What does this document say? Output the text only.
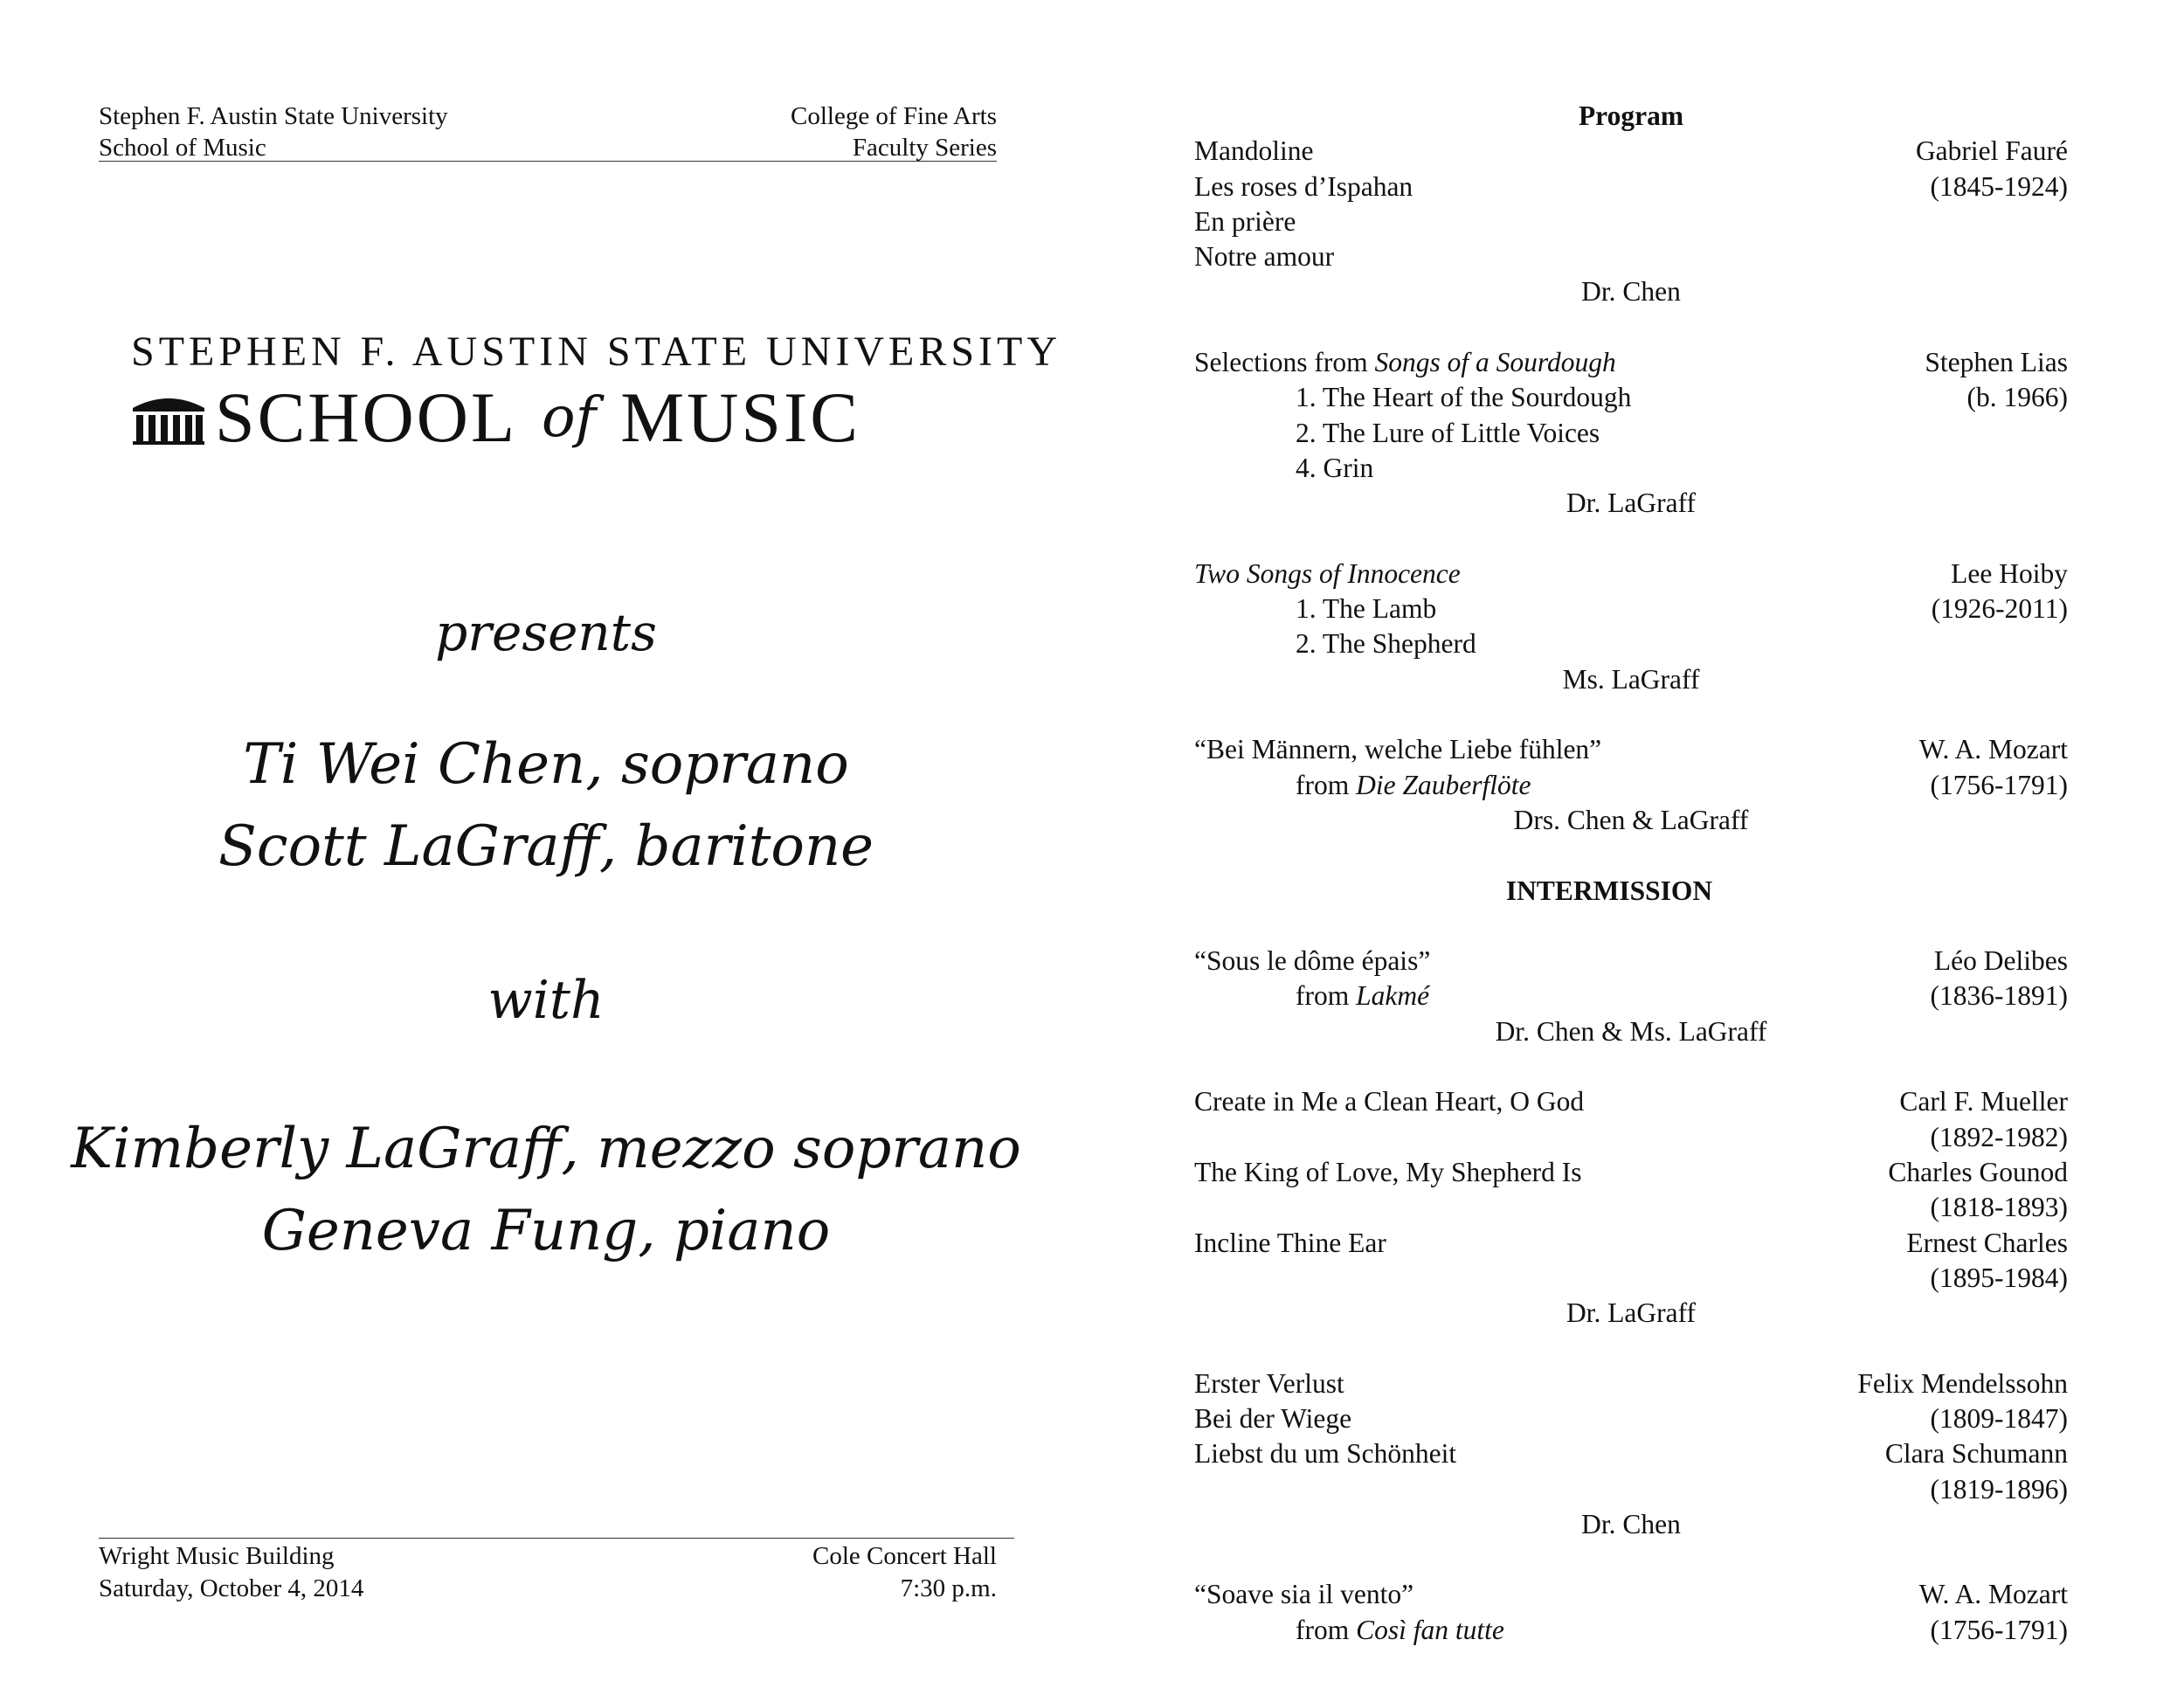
Stephen F. Austin State University	College of Fine Arts
School of Music	Faculty Series
STEPHEN F. AUSTIN STATE UNIVERSITY
SCHOOL of MUSIC
presents
Ti Wei Chen, soprano
Scott LaGraff, baritone
with
Kimberly LaGraff, mezzo soprano
Geneva Fung, piano
Wright Music Building	Cole Concert Hall
Saturday, October 4, 2014	7:30 p.m.
Program
Mandoline	Gabriel Fauré
Les roses d’Ispahan	(1845-1924)
En prière
Notre amour
Dr. Chen
Selections from Songs of a Sourdough	Stephen Lias
1. The Heart of the Sourdough	(b. 1966)
2. The Lure of Little Voices
4. Grin
Dr. LaGraff
Two Songs of Innocence	Lee Hoiby
1. The Lamb	(1926-2011)
2. The Shepherd
Ms. LaGraff
“Bei Männern, welche Liebe fühlen”	W. A. Mozart
from Die Zauberflöte	(1756-1791)
Drs. Chen & LaGraff
INTERMISSION
“Sous le dôme épais”	Léo Delibes
from Lakmé	(1836-1891)
Dr. Chen & Ms. LaGraff
Create in Me a Clean Heart, O God	Carl F. Mueller
(1892-1982)
The King of Love, My Shepherd Is	Charles Gounod
(1818-1893)
Incline Thine Ear	Ernest Charles
(1895-1984)
Dr. LaGraff
Erster Verlust	Felix Mendelssohn
Bei der Wiege	(1809-1847)
Liebst du um Schönheit	Clara Schumann
(1819-1896)
Dr. Chen
“Soave sia il vento”	W. A. Mozart
from Così fan tutte	(1756-1791)
